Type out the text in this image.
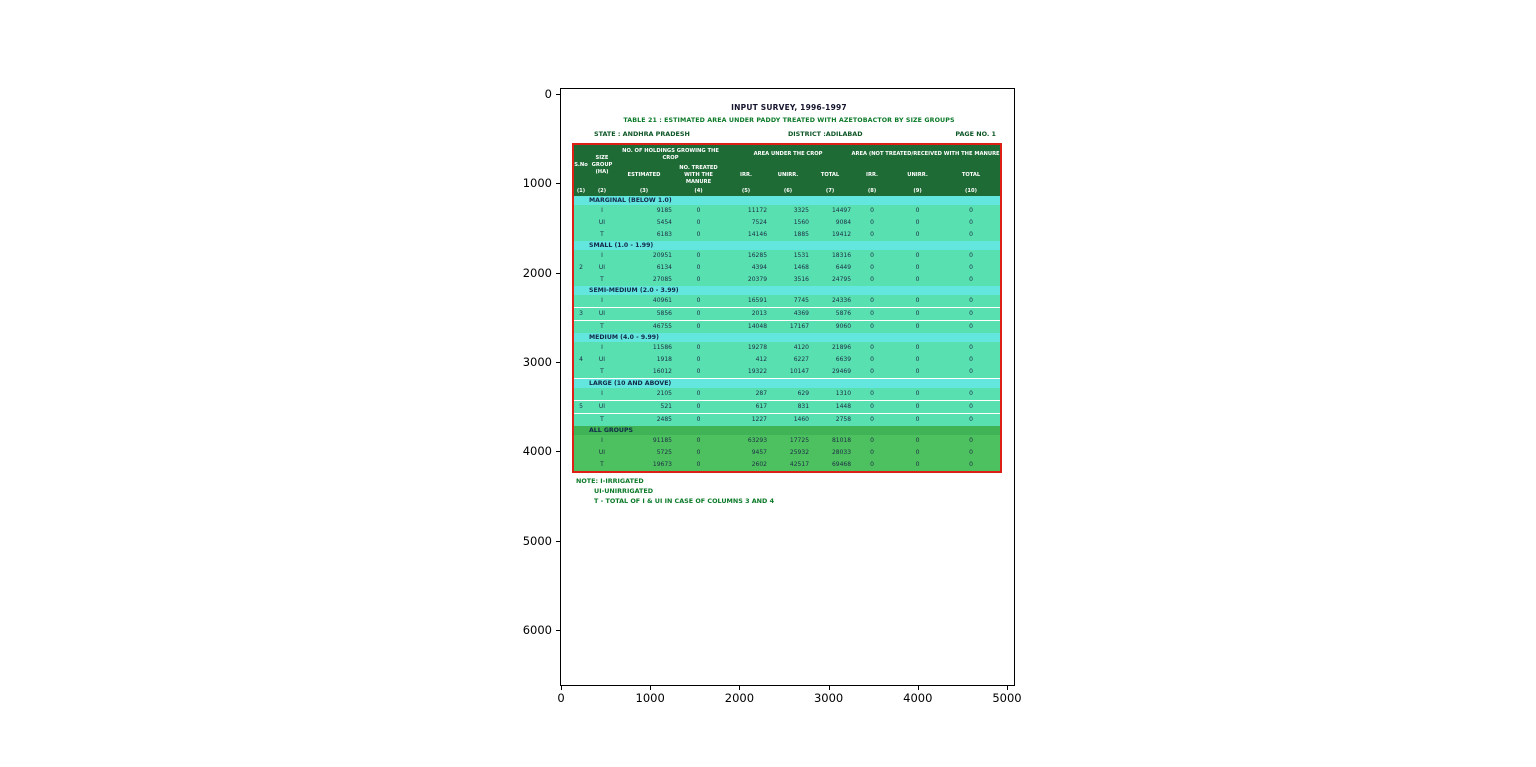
INPUT SURVEY, 1996-1997
TABLE 21 : ESTIMATED AREA UNDER PADDY TREATED WITH AZETOBACTOR BY SIZE GROUPS
STATE : ANDHRA PRADESH	DISTRICT :ADILABAD	PAGE NO. 1
S.No	SIZE GROUP (HA)	NO. OF HOLDINGS GROWING THE CROP		AREA UNDER THE CROP			AREA (NOT TREATED/RECEIVED WITH THE MANURE		
		ESTIMATED	NO. TREATED WITH THE MANURE	IRR.	UNIRR.	TOTAL	IRR.	UNIRR.	TOTAL
(1)	(2)	(3)	(4)	(5)	(6)	(7)	(8)	(9)	(10)
MARGINAL (BELOW 1.0)									
	I	9185	0	11172	3325	14497	0	0	0
	UI	5454	0	7524	1560	9084	0	0	0
	T	6183	0	14146	1885	19412	0	0	0
SMALL (1.0 - 1.99)									
	I	20951	0	16285	1531	18316	0	0	0
2	UI	6134	0	4394	1468	6449	0	0	0
	T	27085	0	20379	3516	24795	0	0	0
SEMI-MEDIUM (2.0 - 3.99)									
	I	40961	0	16591	7745	24336	0	0	0
3	UI	5856	0	2013	4369	5876	0	0	0
	T	46755	0	14048	17167	9060	0	0	0
MEDIUM (4.0 - 9.99)									
	I	11586	0	19278	4120	21896	0	0	0
4	UI	1918	0	412	6227	6639	0	0	0
	T	16012	0	19322	10147	29469	0	0	0
LARGE (10 AND ABOVE)									
	I	2105	0	287	629	1310	0	0	0
5	UI	521	0	617	831	1448	0	0	0
	T	2485	0	1227	1460	2758	0	0	0
ALL GROUPS									
	I	91185	0	63293	17725	81018	0	0	0
	UI	5725	0	9457	25932	28033	0	0	0
	T	19673	0	2602	42517	69468	0	0	0
NOTE: I-IRRIGATED
UI-UNIRRIGATED
T - TOTAL OF I & UI IN CASE OF COLUMNS 3 AND 4
0
1000
2000
3000
4000
5000
6000
0	1000	2000	3000	4000	5000
